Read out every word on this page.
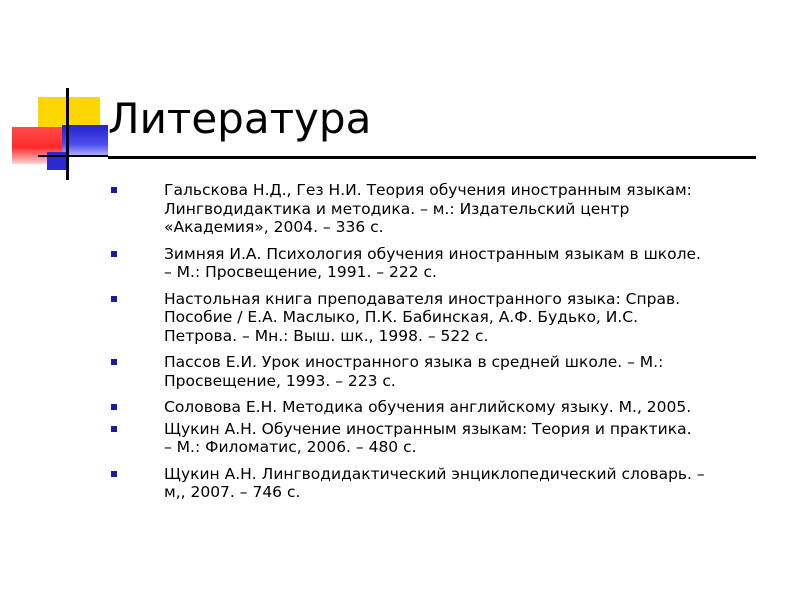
Литература
Гальскова Н.Д., Гез Н.И. Теория обучения иностранным языкам:
Лингводидактика и методика. – м.: Издательский центр
«Академия», 2004. – 336 с.
Зимняя И.А. Психология обучения иностранным языкам в школе.
– М.: Просвещение, 1991. – 222 с.
Настольная книга преподавателя иностранного языка: Справ.
Пособие / Е.А. Маслыко, П.К. Бабинская, А.Ф. Будько, И.С.
Петрова. – Мн.: Выш. шк., 1998. – 522 с.
Пассов Е.И. Урок иностранного языка в средней школе. – М.:
Просвещение, 1993. – 223 с.
Соловова Е.Н. Методика обучения английскому языку. М., 2005.
Щукин А.Н. Обучение иностранным языкам: Теория и практика.
– М.: Филоматис, 2006. – 480 с.
Щукин А.Н. Лингводидактический энциклопедический словарь. –
м,, 2007. – 746 с.
